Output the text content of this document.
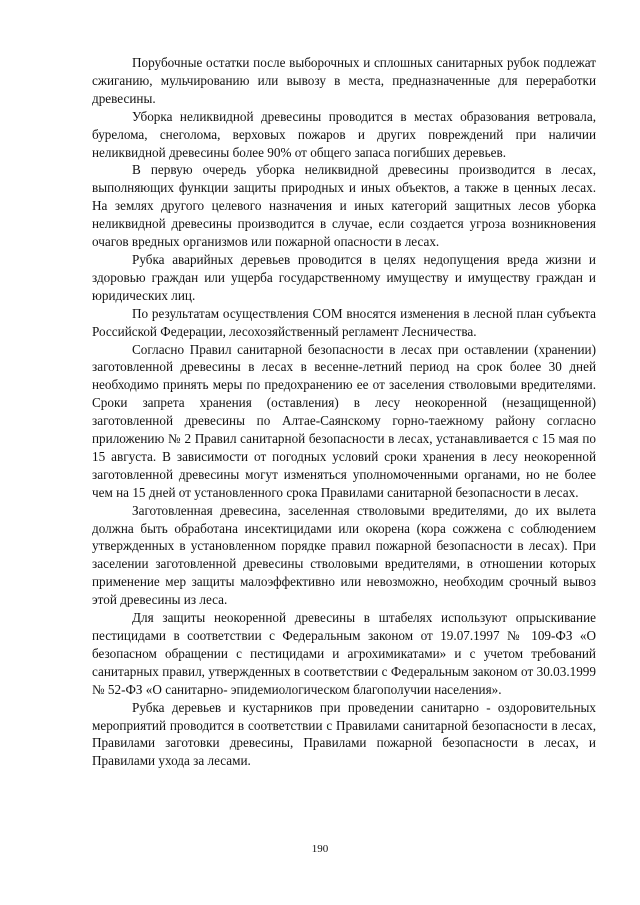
Порубочные остатки после выборочных и сплошных санитарных рубок подлежат сжиганию, мульчированию или вывозу в места, предназначенные для переработки древесины.

Уборка неликвидной древесины проводится в местах образования ветровала, бурелома, снеголома, верховых пожаров и других повреждений при наличии неликвидной древесины более 90% от общего запаса погибших деревьев.

В первую очередь уборка неликвидной древесины производится в лесах, выполняющих функции защиты природных и иных объектов, а также в ценных лесах. На землях другого целевого назначения и иных категорий защитных лесов уборка неликвидной древесины производится в случае, если создается угроза возникновения очагов вредных организмов или пожарной опасности в лесах.

Рубка аварийных деревьев проводится в целях недопущения вреда жизни и здоровью граждан или ущерба государственному имуществу и имуществу граждан и юридических лиц.

По результатам осуществления СОМ вносятся изменения в лесной план субъекта Российской Федерации, лесохозяйственный регламент Лесничества.

Согласно Правил санитарной безопасности в лесах при оставлении (хранении) заготовленной древесины в лесах в весенне-летний период на срок более 30 дней необходимо принять меры по предохранению ее от заселения стволовыми вредителями. Сроки запрета хранения (оставления) в лесу неокоренной (незащищенной) заготовленной древесины по Алтае-Саянскому горно-таежному району согласно приложению № 2 Правил санитарной безопасности в лесах, устанавливается с 15 мая по 15 августа. В зависимости от погодных условий сроки хранения в лесу неокоренной заготовленной древесины могут изменяться уполномоченными органами, но не более чем на 15 дней от установленного срока Правилами санитарной безопасности в лесах.

Заготовленная древесина, заселенная стволовыми вредителями, до их вылета должна быть обработана инсектицидами или окорена (кора сожжена с соблюдением утвержденных в установленном порядке правил пожарной безопасности в лесах). При заселении заготовленной древесины стволовыми вредителями, в отношении которых применение мер защиты малоэффективно или невозможно, необходим срочный вывоз этой древесины из леса.

Для защиты неокоренной древесины в штабелях используют опрыскивание пестицидами в соответствии с Федеральным законом от 19.07.1997 № 109-ФЗ «О безопасном обращении с пестицидами и агрохимикатами» и с учетом требований санитарных правил, утвержденных в соответствии с Федеральным законом от 30.03.1999 № 52-ФЗ «О санитарно- эпидемиологическом благополучии населения».

Рубка деревьев и кустарников при проведении санитарно - оздоровительных мероприятий проводится в соответствии с Правилами санитарной безопасности в лесах, Правилами заготовки древесины, Правилами пожарной безопасности в лесах, и Правилами ухода за лесами.

190
